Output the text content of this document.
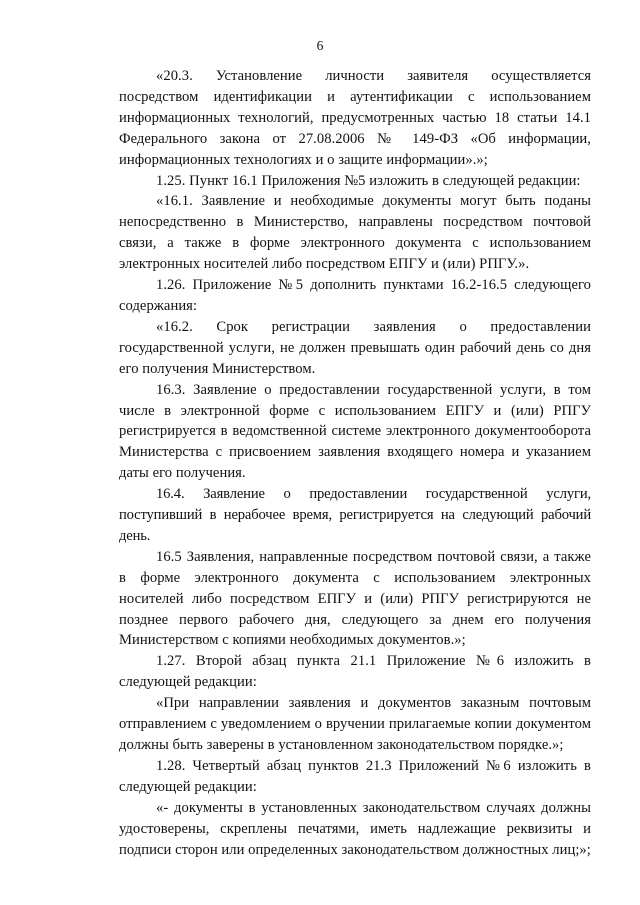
6

«20.3. Установление личности заявителя осуществляется посредством идентификации и аутентификации с использованием информационных технологий, предусмотренных частью 18 статьи 14.1 Федерального закона от 27.08.2006 № 149-ФЗ «Об информации, информационных технологиях и о защите информации».»;

1.25. Пункт 16.1 Приложения №5 изложить в следующей редакции:

«16.1. Заявление и необходимые документы могут быть поданы непосредственно в Министерство, направлены посредством почтовой связи, а также в форме электронного документа с использованием электронных носителей либо посредством ЕПГУ и (или) РПГУ.».

1.26. Приложение №5 дополнить пунктами 16.2-16.5 следующего содержания:

«16.2. Срок регистрации заявления о предоставлении государственной услуги, не должен превышать один рабочий день со дня его получения Министерством.

16.3. Заявление о предоставлении государственной услуги, в том числе в электронной форме с использованием ЕПГУ и (или) РПГУ регистрируется в ведомственной системе электронного документооборота Министерства с присвоением заявления входящего номера и указанием даты его получения.

16.4. Заявление о предоставлении государственной услуги, поступивший в нерабочее время, регистрируется на следующий рабочий день.

16.5 Заявления, направленные посредством почтовой связи, а также в форме электронного документа с использованием электронных носителей либо посредством ЕПГУ и (или) РПГУ регистрируются не позднее первого рабочего дня, следующего за днем его получения Министерством с копиями необходимых документов.»;

1.27. Второй абзац пункта 21.1 Приложение №6 изложить в следующей редакции:

«При направлении заявления и документов заказным почтовым отправлением с уведомлением о вручении прилагаемые копии документом должны быть заверены в установленном законодательством порядке.»;

1.28. Четвертый абзац пунктов 21.3 Приложений №6 изложить в следующей редакции:

«- документы в установленных законодательством случаях должны удостоверены, скреплены печатями, иметь надлежащие реквизиты и подписи сторон или определенных законодательством должностных лиц;»;
